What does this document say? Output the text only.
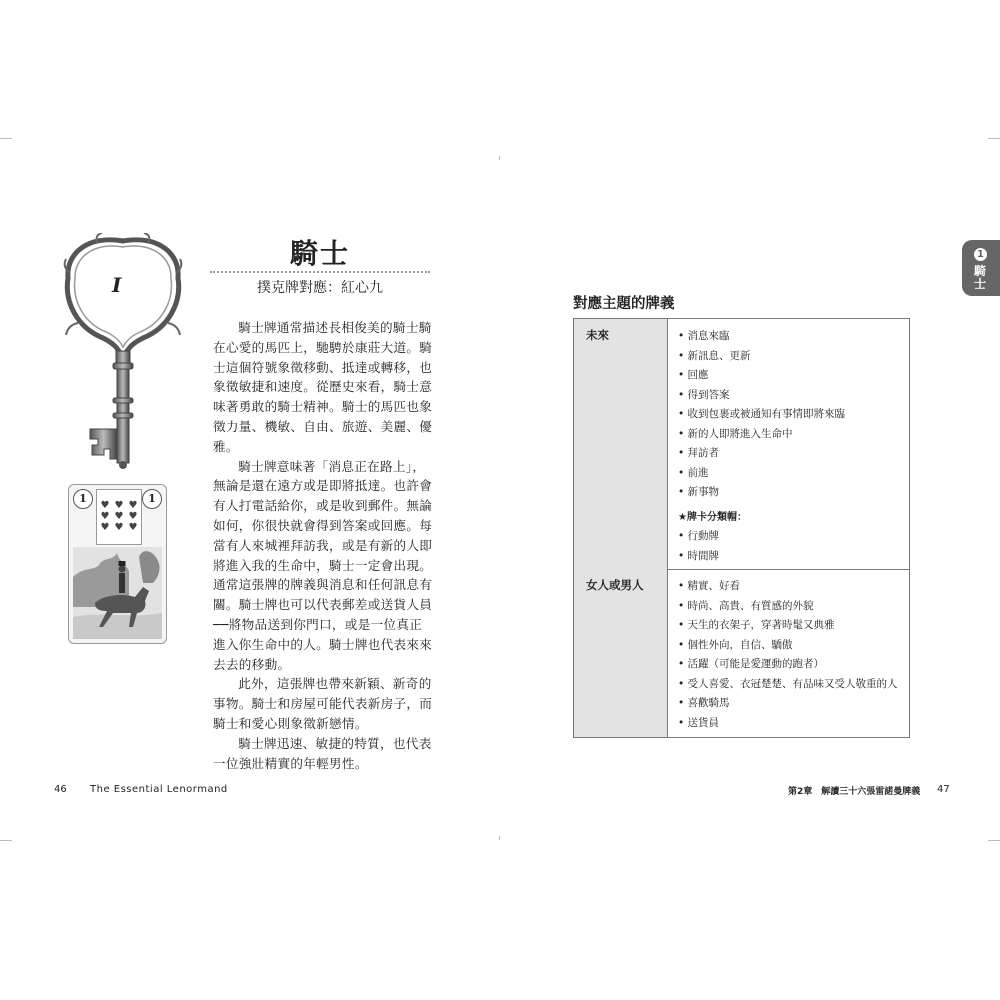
I
1	1
♥ ♥ ♥
♥ ♥ ♥
♥ ♥ ♥
騎士
撲克牌對應：紅心九

騎士牌通常描述長相俊美的騎士騎在心愛的馬匹上，馳騁於康莊大道。騎士這個符號象徵移動、抵達或轉移，也象徵敏捷和速度。從歷史來看，騎士意味著勇敢的騎士精神。騎士的馬匹也象徵力量、機敏、自由、旅遊、美麗、優雅。

騎士牌意味著「消息正在路上」，無論是還在遠方或是即將抵達。也許會有人打電話給你，或是收到郵件。無論如何，你很快就會得到答案或回應。每當有人來城裡拜訪我，或是有新的人即將進入我的生命中，騎士一定會出現。通常這張牌的牌義與消息和任何訊息有關。騎士牌也可以代表郵差或送貨人員──將物品送到你門口，或是一位真正進入你生命中的人。騎士牌也代表來來去去的移動。

此外，這張牌也帶來新穎、新奇的事物。騎士和房屋可能代表新房子，而騎士和愛心則象徵新戀情。

騎士牌迅速、敏捷的特質，也代表一位強壯精實的年輕男性。

46 The Essential Lenormand
1
騎士
對應主題的牌義
未來	• 消息來臨
• 新訊息、更新
• 回應
• 得到答案
• 收到包裹或被通知有事情即將來臨
• 新的人即將進入生命中
• 拜訪者
• 前進
• 新事物
★牌卡分類帽：
• 行動牌
• 時間牌
女人或男人	• 精實、好看
• 時尚、高貴、有質感的外貌
• 天生的衣架子，穿著時髦又典雅
• 個性外向，自信、驕傲
• 活躍（可能是愛運動的跑者）
• 受人喜愛、衣冠楚楚、有品味又受人敬重的人
• 喜歡騎馬
• 送貨員
第2章　解讀三十六張雷諾曼牌義 47
